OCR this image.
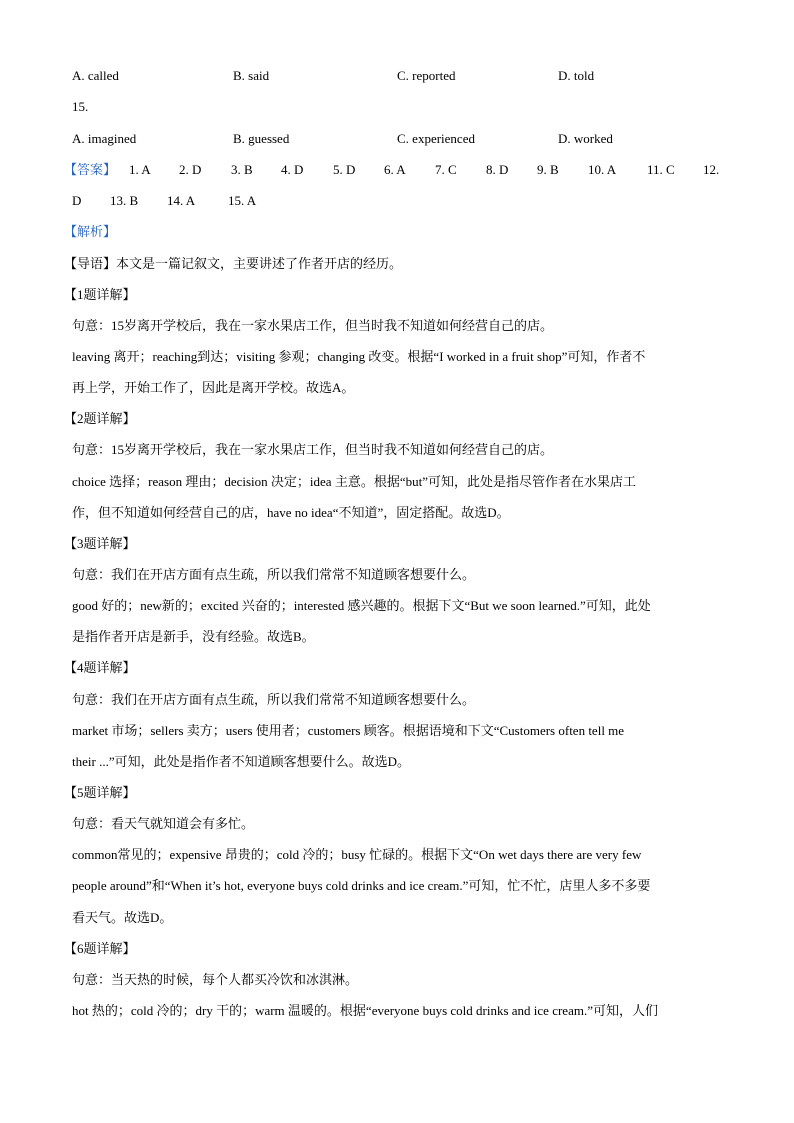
A. called	B. said	C. reported	D. told
15.
A. imagined	B. guessed	C. experienced	D. worked
【答案】 1. A 2. D 3. B 4. D 5. D 6. A 7. C 8. D 9. B 10. A 11. C 12.
D 13. B 14. A	15. A
【解析】
【导语】本文是一篇记叙文，主要讲述了作者开店的经历。
【1题详解】
句意：15岁离开学校后，我在一家水果店工作，但当时我不知道如何经营自己的店。
leaving 离开；reaching到达；visiting 参观；changing 改变。根据“I worked in a fruit shop”可知，作者不
再上学，开始工作了，因此是离开学校。故选A。
【2题详解】
句意：15岁离开学校后，我在一家水果店工作，但当时我不知道如何经营自己的店。
choice 选择；reason 理由；decision 决定；idea 主意。根据“but”可知，此处是指尽管作者在水果店工
作，但不知道如何经营自己的店，have no idea“不知道”，固定搭配。故选D。
【3题详解】
句意：我们在开店方面有点生疏，所以我们常常不知道顾客想要什么。
good 好的；new新的；excited 兴奋的；interested 感兴趣的。根据下文“But we soon learned.”可知，此处
是指作者开店是新手，没有经验。故选B。
【4题详解】
句意：我们在开店方面有点生疏，所以我们常常不知道顾客想要什么。
market 市场；sellers 卖方；users 使用者；customers 顾客。根据语境和下文“Customers often tell me
their ...”可知，此处是指作者不知道顾客想要什么。故选D。
【5题详解】
句意：看天气就知道会有多忙。
common常见的；expensive 昂贵的；cold 冷的；busy 忙碌的。根据下文“On wet days there are very few
people around”和“When it’s hot, everyone buys cold drinks and ice cream.”可知，忙不忙，店里人多不多要
看天气。故选D。
【6题详解】
句意：当天热的时候，每个人都买冷饮和冰淇淋。
hot 热的；cold 冷的；dry 干的；warm 温暖的。根据“everyone buys cold drinks and ice cream.”可知，人们
